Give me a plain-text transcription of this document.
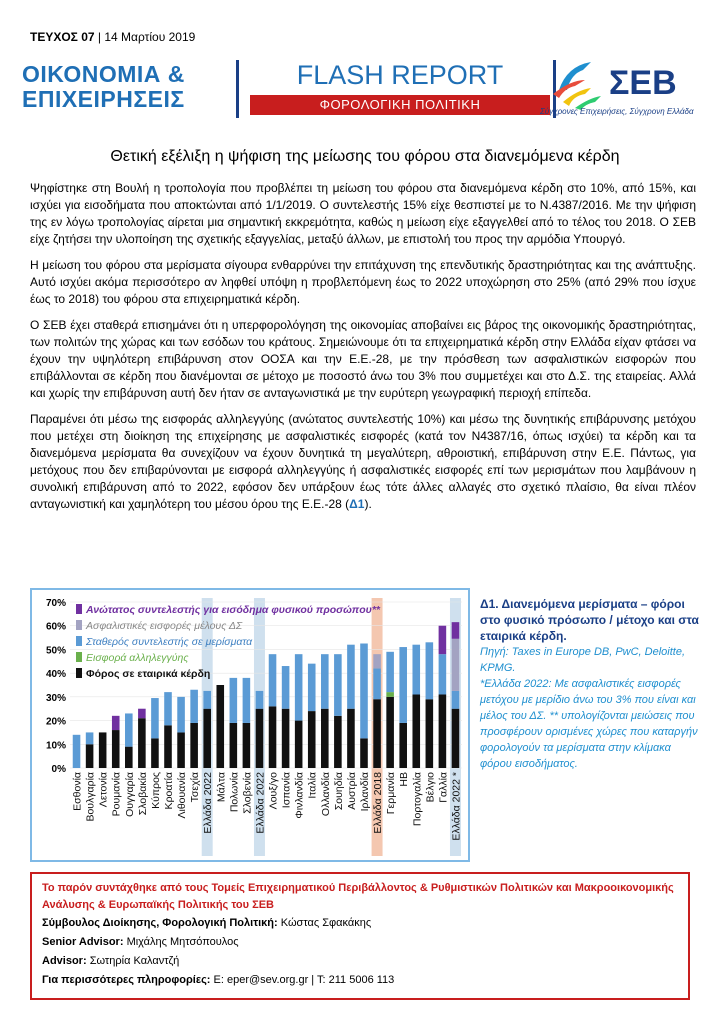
ΤΕΥΧΟΣ 07 | 14 Μαρτίου 2019
ΟΙΚΟΝΟΜΙΑ &
ΕΠΙΧΕΙΡΗΣΕΙΣ
FLASH REPORT
ΦΟΡΟΛΟΓΙΚΗ ΠΟΛΙΤΙΚΗ
ΣΕΒ
Σύγχρονες Επιχειρήσεις, Σύγχρονη Ελλάδα
Θετική εξέλιξη η ψήφιση της μείωσης του φόρου στα διανεμόμενα κέρδη

Ψηφίστηκε στη Βουλή η τροπολογία που προβλέπει τη μείωση του φόρου στα διανεμόμενα κέρδη στο 10%, από 15%, και ισχύει για εισοδήματα που αποκτώνται από 1/1/2019. Ο συντελεστής 15% είχε θεσπιστεί με το Ν.4387/2016. Με την ψήφιση της εν λόγω τροπολογίας αίρεται μια σημαντική εκκρεμότητα, καθώς η μείωση είχε εξαγγελθεί από το τέλος του 2018. Ο ΣΕΒ είχε ζητήσει την υλοποίηση της σχετικής εξαγγελίας, μεταξύ άλλων, με επιστολή του προς την αρμόδια Υπουργό.

Η μείωση του φόρου στα μερίσματα σίγουρα ενθαρρύνει την επιτάχυνση της επενδυτικής δραστηριότητας και της ανάπτυξης. Αυτό ισχύει ακόμα περισσότερο αν ληφθεί υπόψη η προβλεπόμενη έως το 2022 υποχώρηση στο 25% (από 29% που ίσχυε έως το 2018) του φόρου στα επιχειρηματικά κέρδη.

Ο ΣΕΒ έχει σταθερά επισημάνει ότι η υπερφορολόγηση της οικονομίας αποβαίνει εις βάρος της οικονομικής δραστηριότητας, των πολιτών της χώρας και των εσόδων του κράτους. Σημειώνουμε ότι τα επιχειρηματικά κέρδη στην Ελλάδα είχαν φτάσει να έχουν την υψηλότερη επιβάρυνση στον ΟΟΣΑ και την Ε.Ε.-28, με την πρόσθεση των ασφαλιστικών εισφορών που επιβάλλονται σε κέρδη που διανέμονται σε μέτοχο με ποσοστό άνω του 3% που συμμετέχει και στο Δ.Σ. της εταιρείας. Αλλά και χωρίς την επιβάρυνση αυτή δεν ήταν σε ανταγωνιστικά με την ευρύτερη γεωγραφική περιοχή επίπεδα.

Παραμένει ότι μέσω της εισφοράς αλληλεγγύης (ανώτατος συντελεστής 10%) και μέσω της δυνητικής επιβάρυνσης μετόχου που μετέχει στη διοίκηση της επιχείρησης με ασφαλιστικές εισφορές (κατά τον N4387/16, όπως ισχύει) τα κέρδη και τα διανεμόμενα μερίσματα θα συνεχίζουν να έχουν δυνητικά τη μεγαλύτερη, αθροιστική, επιβάρυνση στην Ε.Ε. Πάντως, για μετόχους που δεν επιβαρύνονται με εισφορά αλληλεγγύης ή ασφαλιστικές εισφορές επί των μερισμάτων που λαμβάνουν η συνολική επιβάρυνση από το 2022, εφόσον δεν υπάρξουν έως τότε άλλες αλλαγές στο σχετικό πλαίσιο, θα είναι πλέον ανταγωνιστική και χαμηλότερη του μέσου όρου της Ε.Ε.-28 (Δ1).

0%
10%
20%
30%
40%
50%
60%
70%
Εσθονία Βουλγαρία Λετονία Ρουμανία Ουγγαρία Σλοβακία Κύπρος Κροατία Λιθουανία Τσεχία Ελλάδα 2022 Μάλτα Πολωνία Σλοβενία Ελλάδα 2022 Λουξ/γο Ισπανία Φινλανδία Ιταλία Ολλανδία Σουηδία Αυστρία Ιρλανδία Ελλάδα 2018 Γερμανία ΗΒ Πορτογαλία Βέλγιο Γαλλία Ελλάδα 2022 *
Ανώτατος συντελεστής για εισόδημα φυσικού προσώπου**
Ασφαλιστικές εισφορές μέλους ΔΣ
Σταθερός συντελεστής σε μερίσματα
Εισφορά αλληλεγγύης
Φόρος σε εταιρικά κέρδη
Δ1. Διανεμόμενα μερίσματα – φόροι στο φυσικό πρόσωπο / μέτοχο και στα εταιρικά κέρδη.
Πηγή: Taxes in Europe DB, PwC, Deloitte, KPMG.
*Ελλάδα 2022: Με ασφαλιστικές εισφορές μετόχου με μερίδιο άνω του 3% που είναι και μέλος του ΔΣ. ** υπολογίζονται μειώσεις που προσφέρουν ορισμένες χώρες που καταργήν φορολογούν τα μερίσματα στην κλίμακα φόρου εισοδήματος.
Το παρόν συντάχθηκε από τους Τομείς Επιχειρηματικού Περιβάλλοντος & Ρυθμιστικών Πολιτικών και Μακροοικονομικής Ανάλυσης & Ευρωπαϊκής Πολιτικής του ΣΕΒ
Σύμβουλος Διοίκησης, Φορολογική Πολιτική: Κώστας Σφακάκης
Senior Advisor: Μιχάλης Μητσόπουλος
Advisor: Σωτηρία Καλαντζή
Για περισσότερες πληροφορίες: E: eper@sev.org.gr | T: 211 5006 113
